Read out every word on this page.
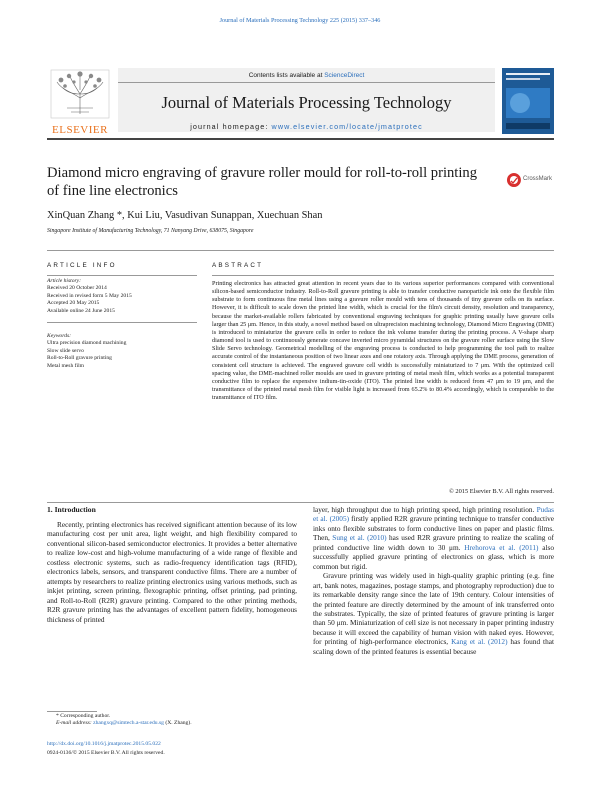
Journal of Materials Processing Technology 225 (2015) 337–346
ELSEVIER
Contents lists available at ScienceDirect
Journal of Materials Processing Technology
journal homepage: www.elsevier.com/locate/jmatprotec
Diamond micro engraving of gravure roller mould for roll-to-roll printing of fine line electronics
CrossMark
XinQuan Zhang *, Kui Liu, Vasudivan Sunappan, Xuechuan Shan
Singapore Institute of Manufacturing Technology, 71 Nanyang Drive, 638075, Singapore
ARTICLE INFO
Article history:
Received 20 October 2014
Received in revised form 5 May 2015
Accepted 20 May 2015
Available online 24 June 2015
Keywords:
Ultra precision diamond machining
Slow slide servo
Roll-to-Roll gravure printing
Metal mesh film
ABSTRACT
Printing electronics has attracted great attention in recent years due to its various superior performances compared with conventional silicon-based semiconductor industry. Roll-to-Roll gravure printing is able to transfer conductive nanoparticle ink onto the flexible film substrate to form continuous fine metal lines using a gravure roller mould with tens of thousands of tiny gravure cells on its surface. However, it is difficult to scale down the printed line width, which is crucial for the film's circuit density, resolution and transparency, because the market-available rollers fabricated by conventional engraving techniques for graphic printing usually have gravure cells larger than 25 μm. Hence, in this study, a novel method based on ultraprecision machining technology, Diamond Micro Engraving (DME) is introduced to miniaturize the gravure cells in order to reduce the ink volume transfer during the printing process. A V-shape sharp diamond tool is used to continuously generate concave inverted micro pyramidal structures on the gravure roller surface using the Slow Slide Servo technology. Geometrical modelling of the engraving process is conducted to help programming the tool path to realize accurate control of the instantaneous position of two linear axes and one rotatory axis. Through applying the DME process, generation of consistent cell structure is achieved. The engraved gravure cell width is successfully miniaturized to 7 μm. With the optimized cell spacing value, the DME-machined roller moulds are used in gravure printing of metal mesh film, which works as a potential transparent conductive film to replace the expensive indium-tin-oxide (ITO). The printed line width is reduced from 47 μm to 19 μm, and the transmittance of the printed metal mesh film for visible light is increased from 65.2% to 80.4% accordingly, which is comparable to the transmittance of ITO film.
© 2015 Elsevier B.V. All rights reserved.
1. Introduction

Recently, printing electronics has received significant attention because of its low manufacturing cost per unit area, light weight, and high flexibility compared to conventional silicon-based semiconductor electronics. It provides a better alternative to realize low-cost and high-volume manufacturing of a wide range of flexible and costless electronic systems, such as radio-frequency identification tags (RFID), electronics labels, sensors, and transparent conductive films. There are a number of attempts by researchers to realize printing electronics using various methods, such as inkjet printing, screen printing, flexographic printing, offset printing, pad printing, and Roll-to-Roll (R2R) gravure printing. Compared to the other printing methods, R2R gravure printing has the advantages of excellent pattern fidelity, homogeneous thickness of printed

layer, high throughput due to high printing speed, high printing resolution. Pudas et al. (2005) firstly applied R2R gravure printing technique to transfer conductive inks onto flexible substrates to form conductive lines on paper and plastic films. Then, Sung et al. (2010) has used R2R gravure printing to realize the scaling of printed conductive line width down to 30 μm. Hrehorova et al. (2011) also successfully applied gravure printing of electronics on glass, which is more common but rigid.

Gravure printing was widely used in high-quality graphic printing (e.g. fine art, bank notes, magazines, postage stamps, and photography reproduction) due to its remarkable density range since the late of 19th century. Colour intensities of the printed feature are directly determined by the amount of ink transferred onto the substrates. Typically, the size of printed features of gravure printing is larger than 50 μm. Miniaturization of cell size is not necessary in paper printing industry because it will exceed the capability of human vision with naked eyes. However, for printing of high-performance electronics, Kang et al. (2012) has found that scaling down of the printed features is essential because

* Corresponding author.
E-mail address: zhangxq@simtech.a-star.edu.sg (X. Zhang).
http://dx.doi.org/10.1016/j.jmatprotec.2015.05.022
0924-0136/© 2015 Elsevier B.V. All rights reserved.
